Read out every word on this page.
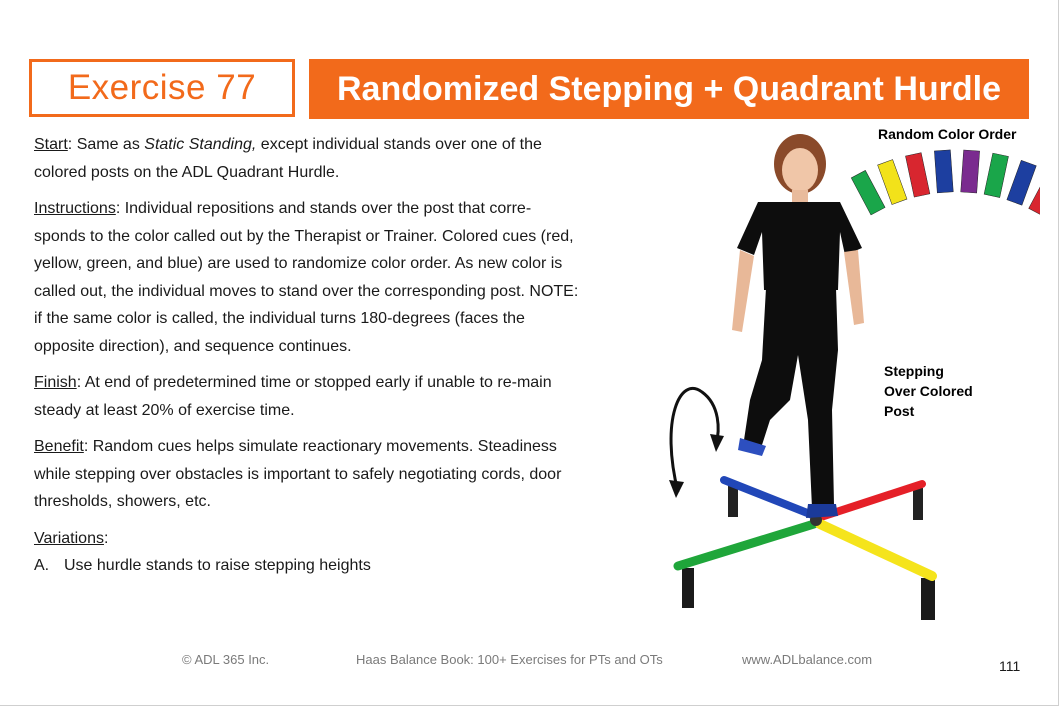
Exercise 77 Randomized Stepping + Quadrant Hurdle

Start: Same as Static Standing, except individual stands over one of the colored posts on the ADL Quadrant Hurdle.

Instructions: Individual repositions and stands over the post that corre-sponds to the color called out by the Therapist or Trainer. Colored cues (red, yellow, green, and blue) are used to randomize color order. As new color is called out, the individual moves to stand over the corresponding post. NOTE: if the same color is called, the individual turns 180-degrees (faces the opposite direction), and sequence continues.

Finish: At end of predetermined time or stopped early if unable to re-main steady at least 20% of exercise time.

Benefit: Random cues helps simulate reactionary movements. Steadiness while stepping over obstacles is important to safely negotiating cords, door thresholds, showers, etc.

Variations:

A. Use hurdle stands to raise stepping heights
Random Color Order
Stepping Over Colored Post
© ADL 365 Inc.	Haas Balance Book: 100+ Exercises for PTs and OTs	www.ADLbalance.com	111
